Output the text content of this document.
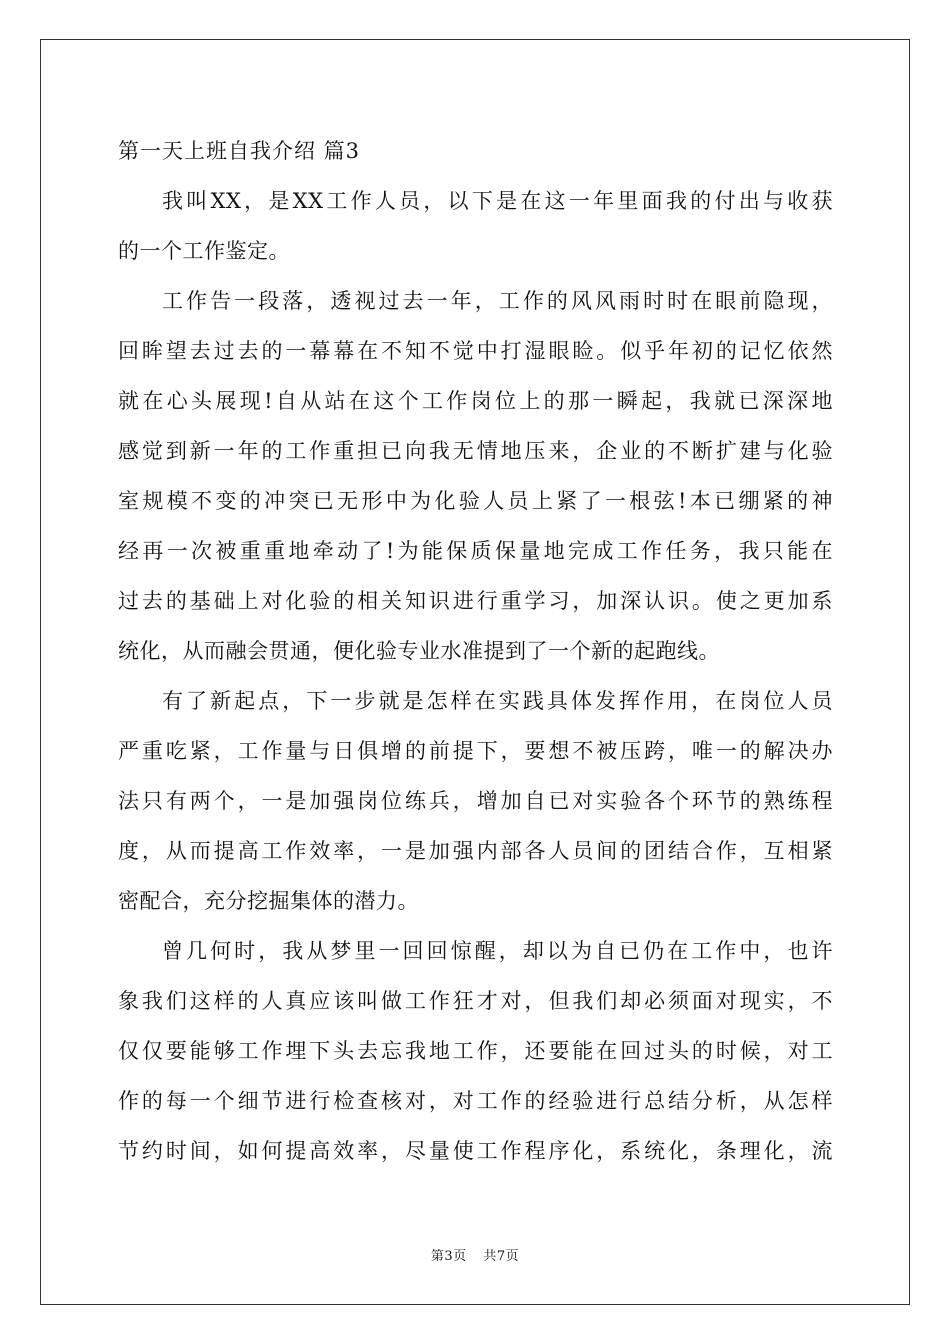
第一天上班自我介绍 篇3
我叫XX，是XX工作人员，以下是在这一年里面我的付出与收获
的一个工作鉴定。
工作告一段落，透视过去一年，工作的风风雨时时在眼前隐现，
回眸望去过去的一幕幕在不知不觉中打湿眼睑。似乎年初的记忆依然
就在心头展现!自从站在这个工作岗位上的那一瞬起，我就已深深地
感觉到新一年的工作重担已向我无情地压来，企业的不断扩建与化验
室规模不变的冲突已无形中为化验人员上紧了一根弦!本已绷紧的神
经再一次被重重地牵动了!为能保质保量地完成工作任务，我只能在
过去的基础上对化验的相关知识进行重学习，加深认识。使之更加系
统化，从而融会贯通，便化验专业水准提到了一个新的起跑线。
有了新起点，下一步就是怎样在实践具体发挥作用，在岗位人员
严重吃紧，工作量与日俱增的前提下，要想不被压跨，唯一的解决办
法只有两个，一是加强岗位练兵，增加自已对实验各个环节的熟练程
度，从而提高工作效率，一是加强内部各人员间的团结合作，互相紧
密配合，充分挖掘集体的潜力。
曾几何时，我从梦里一回回惊醒，却以为自已仍在工作中，也许
象我们这样的人真应该叫做工作狂才对，但我们却必须面对现实，不
仅仅要能够工作埋下头去忘我地工作，还要能在回过头的时候，对工
作的每一个细节进行检查核对，对工作的经验进行总结分析，从怎样
节约时间，如何提高效率，尽量使工作程序化，系统化，条理化，流
第3页 共7页
